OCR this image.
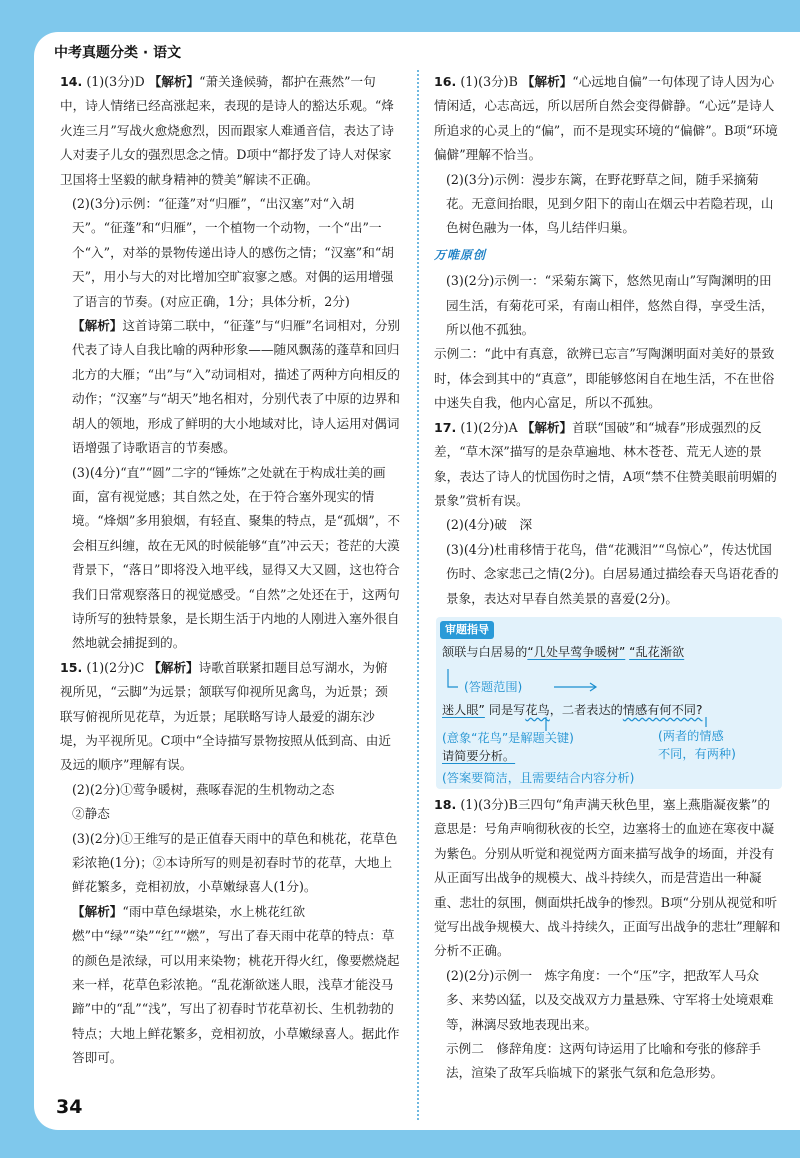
中考真题分类 · 语文

14. (1)(3分)D 【解析】“萧关逢候骑，都护在燕然”一句中，诗人情绪已经高涨起来，表现的是诗人的豁达乐观。“烽火连三月”写战火愈烧愈烈，因而跟家人难通音信，表达了诗人对妻子儿女的强烈思念之情。D项中“都抒发了诗人对保家卫国将士坚毅的献身精神的赞美”解读不正确。

(2)(3分)示例：“征蓬”对“归雁”，“出汉塞”对“入胡天”。“征蓬”和“归雁”，一个植物一个动物，一个“出”一个“入”，对举的景物传递出诗人的感伤之情；“汉塞”和“胡天”，用小与大的对比增加空旷寂寥之感。对偶的运用增强了语言的节奏。(对应正确，1分；具体分析，2分)

【解析】这首诗第二联中，“征蓬”与“归雁”名词相对，分别代表了诗人自我比喻的两种形象——随风飘荡的蓬草和回归北方的大雁；“出”与“入”动词相对，描述了两种方向相反的动作；“汉塞”与“胡天”地名相对，分别代表了中原的边界和胡人的领地，形成了鲜明的大小地域对比，诗人运用对偶词语增强了诗歌语言的节奏感。

(3)(4分)“直”“圆”二字的“锤炼”之处就在于构成壮美的画面，富有视觉感；其自然之处，在于符合塞外现实的情境。“烽烟”多用狼烟，有轻直、聚集的特点，是“孤烟”，不会相互纠缠，故在无风的时候能够“直”冲云天；苍茫的大漠背景下，“落日”即将没入地平线，显得又大又圆，这也符合我们日常观察落日的视觉感受。“自然”之处还在于，这两句诗所写的独特景象，是长期生活于内地的人刚进入塞外很自然地就会捕捉到的。

15. (1)(2分)C 【解析】诗歌首联紧扣题目总写湖水，为俯视所见，“云脚”为远景；颔联写仰视所见禽鸟，为近景；颈联写俯视所见花草，为近景；尾联略写诗人最爱的湖东沙堤，为平视所见。C项中“全诗描写景物按照从低到高、由近及远的顺序”理解有误。

(2)(2分)①莺争暖树，燕啄春泥的生机物动之态

②静态

(3)(2分)①王维写的是正值春天雨中的草色和桃花，花草色彩浓艳(1分)；②本诗所写的则是初春时节的花草，大地上鲜花繁多，竞相初放，小草嫩绿喜人(1分)。

【解析】“雨中草色绿堪染，水上桃花红欲燃”中“绿”“染”“红”“燃”，写出了春天雨中花草的特点：草的颜色是浓绿，可以用来染物；桃花开得火红，像要燃烧起来一样，花草色彩浓艳。“乱花渐欲迷人眼，浅草才能没马蹄”中的“乱”“浅”，写出了初春时节花草初长、生机勃勃的特点；大地上鲜花繁多，竞相初放，小草嫩绿喜人。据此作答即可。

16. (1)(3分)B 【解析】“心远地自偏”一句体现了诗人因为心情闲适，心志高远，所以居所自然会变得僻静。“心远”是诗人所追求的心灵上的“偏”，而不是现实环境的“偏僻”。B项“环境偏僻”理解不恰当。

(2)(3分)示例：漫步东篱，在野花野草之间，随手采摘菊花。无意间抬眼，见到夕阳下的南山在烟云中若隐若现，山色树色融为一体，鸟儿结伴归巢。

万唯原创

(3)(2分)示例一：“采菊东篱下，悠然见南山”写陶渊明的田园生活，有菊花可采，有南山相伴，悠然自得，享受生活，所以他不孤独。

示例二：“此中有真意，欲辨已忘言”写陶渊明面对美好的景致时，体会到其中的“真意”，即能够悠闲自在地生活，不在世俗中迷失自我，他内心富足，所以不孤独。

17. (1)(2分)A 【解析】首联“国破”和“城春”形成强烈的反差，“草木深”描写的是杂草遍地、林木苍苍、荒无人迹的景象，表达了诗人的忧国伤时之情，A项“禁不住赞美眼前明媚的景象”赏析有误。

(2)(4分)破　深

(3)(4分)杜甫移情于花鸟，借“花溅泪”“鸟惊心”，传达忧国伤时、念家悲己之情(2分)。白居易通过描绘春天鸟语花香的景象，表达对早春自然美景的喜爱(2分)。

审题指导
颔联与白居易的“几处早莺争暖树” “乱花渐欲
(答题范围)
迷人眼” 同是写花鸟，二者表达的情感有何不同?
(意象“花鸟”是解题关键)	(两者的情感
不同，有两种)
请简要分析。
(答案要简洁，且需要结合内容分析)

18. (1)(3分)B三四句“角声满天秋色里，塞上燕脂凝夜紫”的意思是：号角声响彻秋夜的长空，边塞将士的血迹在寒夜中凝为紫色。分别从听觉和视觉两方面来描写战争的场面，并没有从正面写出战争的规模大、战斗持续久，而是营造出一种凝重、悲壮的氛围，侧面烘托战争的惨烈。B项“分别从视觉和听觉写出战争规模大、战斗持续久，正面写出战争的悲壮”理解和分析不正确。

(2)(2分)示例一　炼字角度：一个“压”字，把敌军人马众多、来势凶猛，以及交战双方力量悬殊、守军将士处境艰难等，淋漓尽致地表现出来。

示例二　修辞角度：这两句诗运用了比喻和夸张的修辞手法，渲染了敌军兵临城下的紧张气氛和危急形势。

34
